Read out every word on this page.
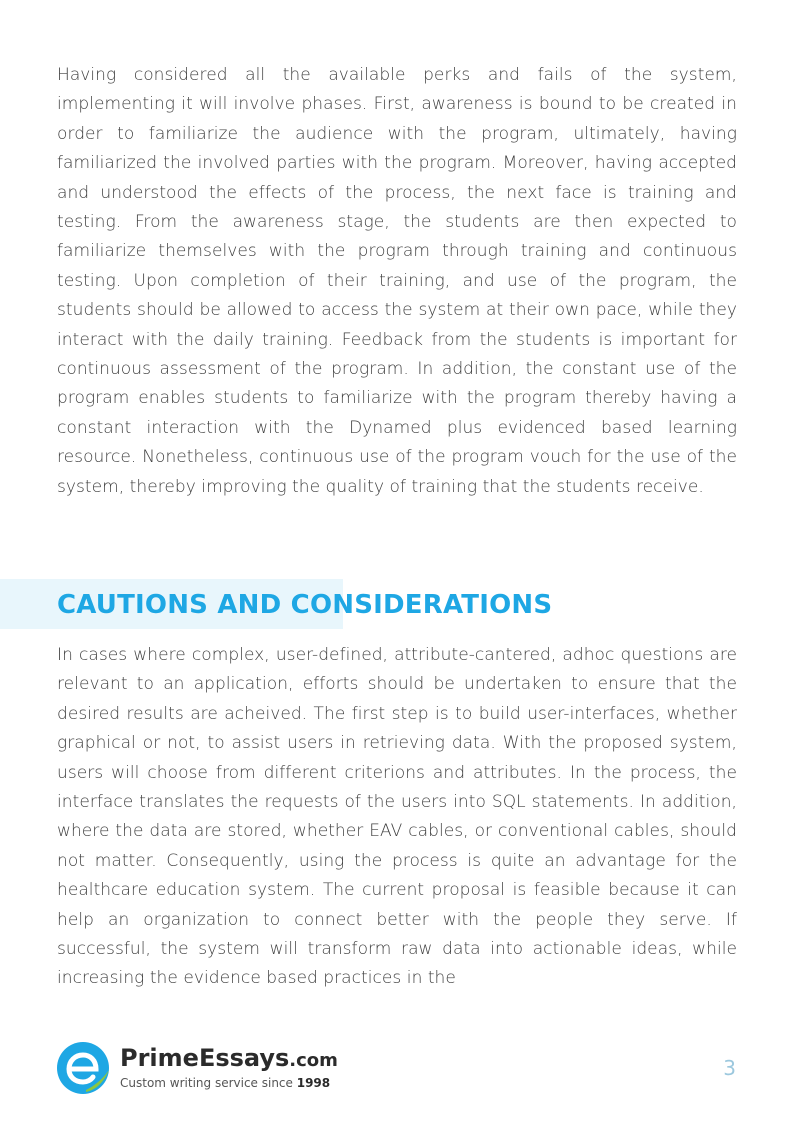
Having considered all the available perks and fails of the system, implementing it will involve phases. First, awareness is bound to be created in order to familiarize the audience with the program, ultimately, having familiarized the involved parties with the program. Moreover, having accepted and understood the effects of the process, the next face is training and testing. From the awareness stage, the students are then expected to familiarize themselves with the program through training and continuous testing. Upon completion of their training, and use of the program, the students should be allowed to access the system at their own pace, while they interact with the daily training. Feedback from the students is important for continuous assessment of the program. In addition, the constant use of the program enables students to familiarize with the program thereby having a constant interaction with the Dynamed plus evidenced based learning resource. Nonetheless, continuous use of the program vouch for the use of the system, thereby improving the quality of training that the students receive.

CAUTIONS AND CONSIDERATIONS

In cases where complex, user-defined, attribute-cantered, adhoc questions are relevant to an application, efforts should be undertaken to ensure that the desired results are acheived. The first step is to build user-interfaces, whether graphical or not, to assist users in retrieving data. With the proposed system, users will choose from different criterions and attributes. In the process, the interface translates the requests of the users into SQL statements. In addition, where the data are stored, whether EAV cables, or conventional cables, should not matter. Consequently, using the process is quite an advantage for the healthcare education system. The current proposal is feasible because it can help an organization to connect better with the people they serve. If successful, the system will transform raw data into actionable ideas, while increasing the evidence based practices in the

PrimeEssays.com
Custom writing service since 1998
3
